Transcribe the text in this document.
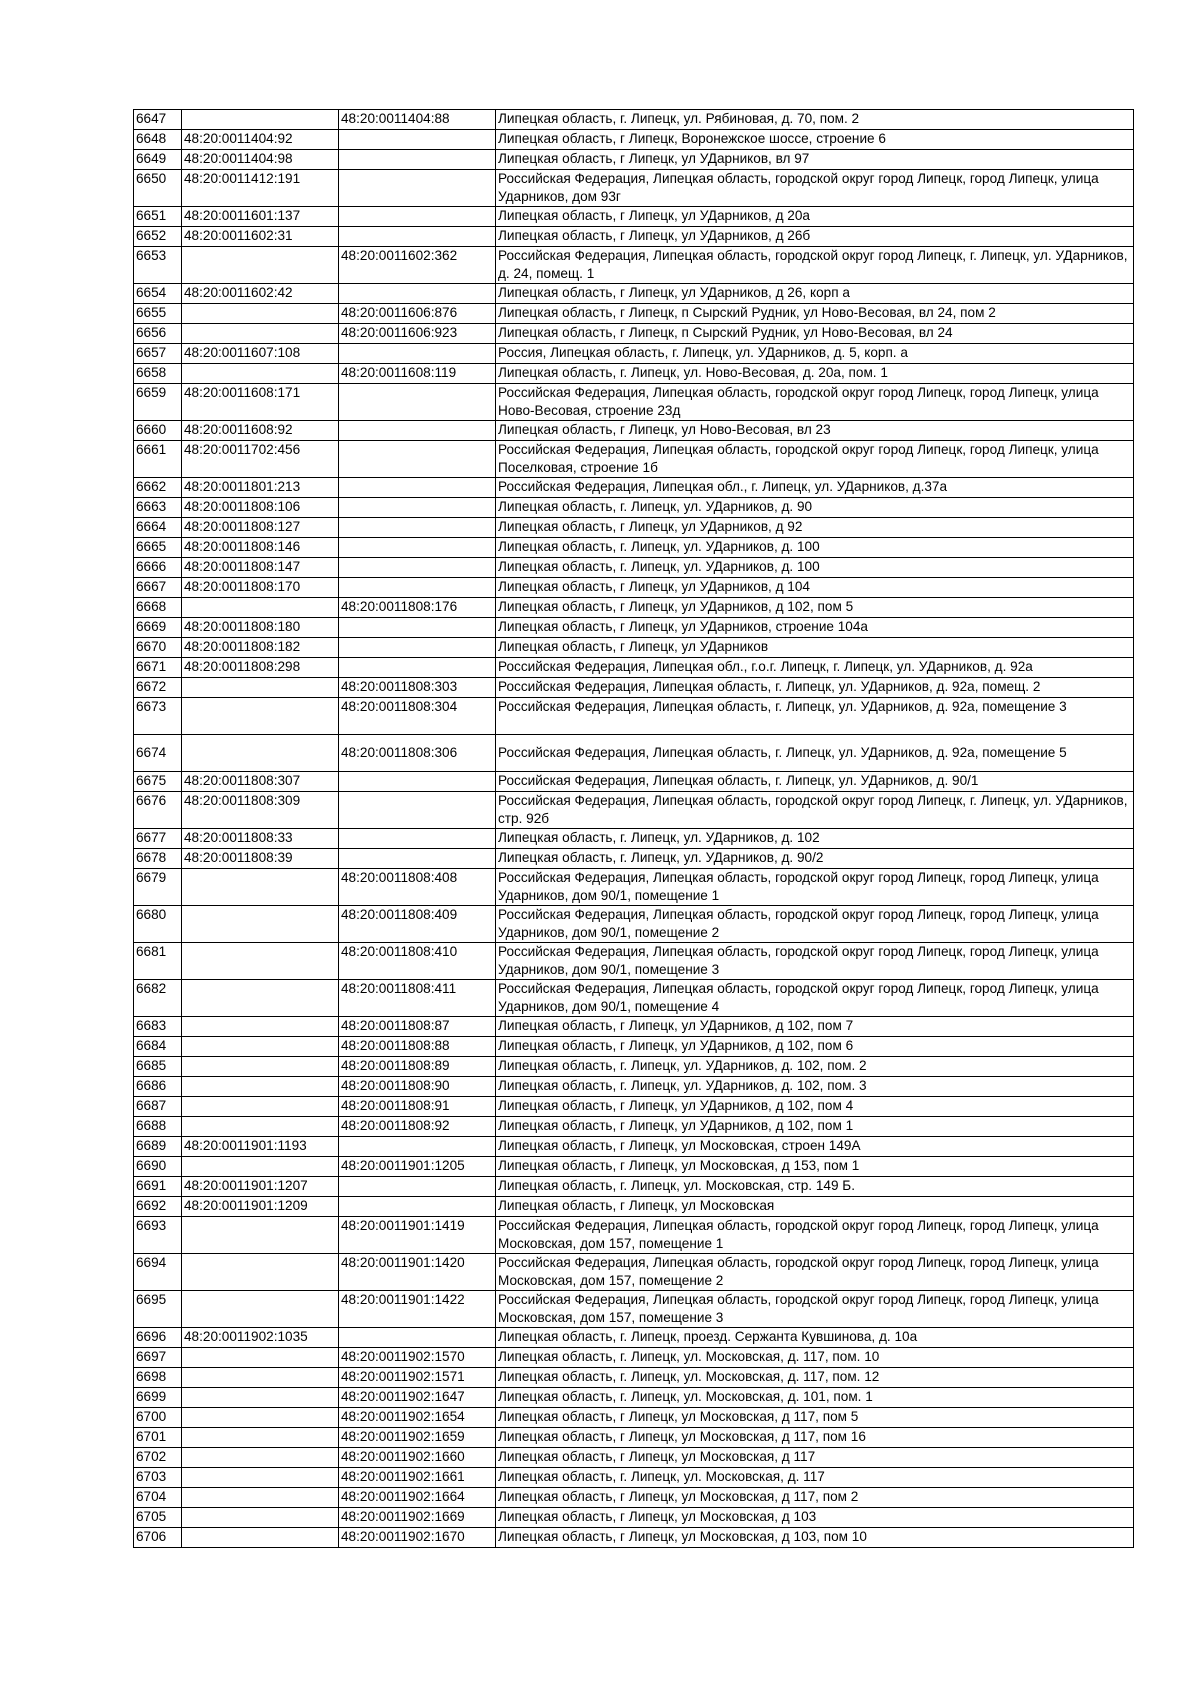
6647		48:20:0011404:88	Липецкая область, г. Липецк, ул. Рябиновая, д. 70, пом. 2
6648	48:20:0011404:92		Липецкая область, г Липецк, Воронежское шоссе, строение 6
6649	48:20:0011404:98		Липецкая область, г Липецк, ул УДарников, вл 97
6650	48:20:0011412:191		Российская Федерация, Липецкая область, городской округ город Липецк, город Липецк, улица Ударников, дом 93г
6651	48:20:0011601:137		Липецкая область, г Липецк, ул УДарников, д 20а
6652	48:20:0011602:31		Липецкая область, г Липецк, ул УДарников, д 26б
6653		48:20:0011602:362	Российская Федерация, Липецкая область, городской округ город Липецк, г. Липецк, ул. УДарников, д. 24, помещ. 1
6654	48:20:0011602:42		Липецкая область, г Липецк, ул УДарников, д 26, корп а
6655		48:20:0011606:876	Липецкая область, г Липецк, п Сырский Рудник, ул Ново-Весовая, вл 24, пом 2
6656		48:20:0011606:923	Липецкая область, г Липецк, п Сырский Рудник, ул Ново-Весовая, вл 24
6657	48:20:0011607:108		Россия, Липецкая область, г. Липецк, ул. УДарников, д. 5, корп. а
6658		48:20:0011608:119	Липецкая область, г. Липецк, ул. Ново-Весовая, д. 20а, пом. 1
6659	48:20:0011608:171		Российская Федерация, Липецкая область, городской округ город Липецк, город Липецк, улица Ново-Весовая, строение 23д
6660	48:20:0011608:92		Липецкая область, г Липецк, ул Ново-Весовая, вл 23
6661	48:20:0011702:456		Российская Федерация, Липецкая область, городской округ город Липецк, город Липецк, улица Поселковая, строение 1б
6662	48:20:0011801:213		Российская Федерация, Липецкая обл., г. Липецк, ул. УДарников, д.37а
6663	48:20:0011808:106		Липецкая область, г. Липецк, ул. УДарников, д. 90
6664	48:20:0011808:127		Липецкая область, г Липецк, ул УДарников, д 92
6665	48:20:0011808:146		Липецкая область, г. Липецк, ул. УДарников, д. 100
6666	48:20:0011808:147		Липецкая область, г. Липецк, ул. УДарников, д. 100
6667	48:20:0011808:170		Липецкая область, г Липецк, ул УДарников, д 104
6668		48:20:0011808:176	Липецкая область, г Липецк, ул УДарников, д 102, пом 5
6669	48:20:0011808:180		Липецкая область, г Липецк, ул УДарников, строение 104а
6670	48:20:0011808:182		Липецкая область, г Липецк, ул УДарников
6671	48:20:0011808:298		Российская Федерация, Липецкая обл., г.о.г. Липецк, г. Липецк, ул. УДарников, д. 92а
6672		48:20:0011808:303	Российская Федерация, Липецкая область, г. Липецк, ул. УДарников, д. 92а, помещ. 2
6673		48:20:0011808:304	Российская Федерация, Липецкая область, г. Липецк, ул. УДарников, д. 92а, помещение 3
6674		48:20:0011808:306	Российская Федерация, Липецкая область, г. Липецк, ул. УДарников, д. 92а, помещение 5
6675	48:20:0011808:307		Российская Федерация, Липецкая область, г. Липецк, ул. УДарников, д. 90/1
6676	48:20:0011808:309		Российская Федерация, Липецкая область, городской округ город Липецк, г. Липецк, ул. УДарников, стр. 92б
6677	48:20:0011808:33		Липецкая область, г. Липецк, ул. УДарников, д. 102
6678	48:20:0011808:39		Липецкая область, г. Липецк, ул. УДарников, д. 90/2
6679		48:20:0011808:408	Российская Федерация, Липецкая область, городской округ город Липецк, город Липецк, улица Ударников, дом 90/1, помещение 1
6680		48:20:0011808:409	Российская Федерация, Липецкая область, городской округ город Липецк, город Липецк, улица Ударников, дом 90/1, помещение 2
6681		48:20:0011808:410	Российская Федерация, Липецкая область, городской округ город Липецк, город Липецк, улица Ударников, дом 90/1, помещение 3
6682		48:20:0011808:411	Российская Федерация, Липецкая область, городской округ город Липецк, город Липецк, улица Ударников, дом 90/1, помещение 4
6683		48:20:0011808:87	Липецкая область, г Липецк, ул УДарников, д 102, пом 7
6684		48:20:0011808:88	Липецкая область, г Липецк, ул УДарников, д 102, пом 6
6685		48:20:0011808:89	Липецкая область, г. Липецк, ул. УДарников, д. 102, пом. 2
6686		48:20:0011808:90	Липецкая область, г. Липецк, ул. УДарников, д. 102, пом. 3
6687		48:20:0011808:91	Липецкая область, г Липецк, ул УДарников, д 102, пом 4
6688		48:20:0011808:92	Липецкая область, г Липецк, ул УДарников, д 102, пом 1
6689	48:20:0011901:1193		Липецкая область, г Липецк, ул Московская, строен 149А
6690		48:20:0011901:1205	Липецкая область, г Липецк, ул Московская, д 153, пом 1
6691	48:20:0011901:1207		Липецкая область, г. Липецк, ул. Московская, стр. 149 Б.
6692	48:20:0011901:1209		Липецкая область, г Липецк, ул Московская
6693		48:20:0011901:1419	Российская Федерация, Липецкая область, городской округ город Липецк, город Липецк, улица Московская, дом 157, помещение 1
6694		48:20:0011901:1420	Российская Федерация, Липецкая область, городской округ город Липецк, город Липецк, улица Московская, дом 157, помещение 2
6695		48:20:0011901:1422	Российская Федерация, Липецкая область, городской округ город Липецк, город Липецк, улица Московская, дом 157, помещение 3
6696	48:20:0011902:1035		Липецкая область, г. Липецк, проезд. Сержанта Кувшинова, д. 10а
6697		48:20:0011902:1570	Липецкая область, г. Липецк, ул. Московская, д. 117, пом. 10
6698		48:20:0011902:1571	Липецкая область, г. Липецк, ул. Московская, д. 117, пом. 12
6699		48:20:0011902:1647	Липецкая область, г. Липецк, ул. Московская, д. 101, пом. 1
6700		48:20:0011902:1654	Липецкая область, г Липецк, ул Московская, д 117, пом 5
6701		48:20:0011902:1659	Липецкая область, г Липецк, ул Московская, д 117, пом 16
6702		48:20:0011902:1660	Липецкая область, г Липецк, ул Московская, д 117
6703		48:20:0011902:1661	Липецкая область, г. Липецк, ул. Московская, д. 117
6704		48:20:0011902:1664	Липецкая область, г Липецк, ул Московская, д 117, пом 2
6705		48:20:0011902:1669	Липецкая область, г Липецк, ул Московская, д 103
6706		48:20:0011902:1670	Липецкая область, г Липецк, ул Московская, д 103, пом 10
